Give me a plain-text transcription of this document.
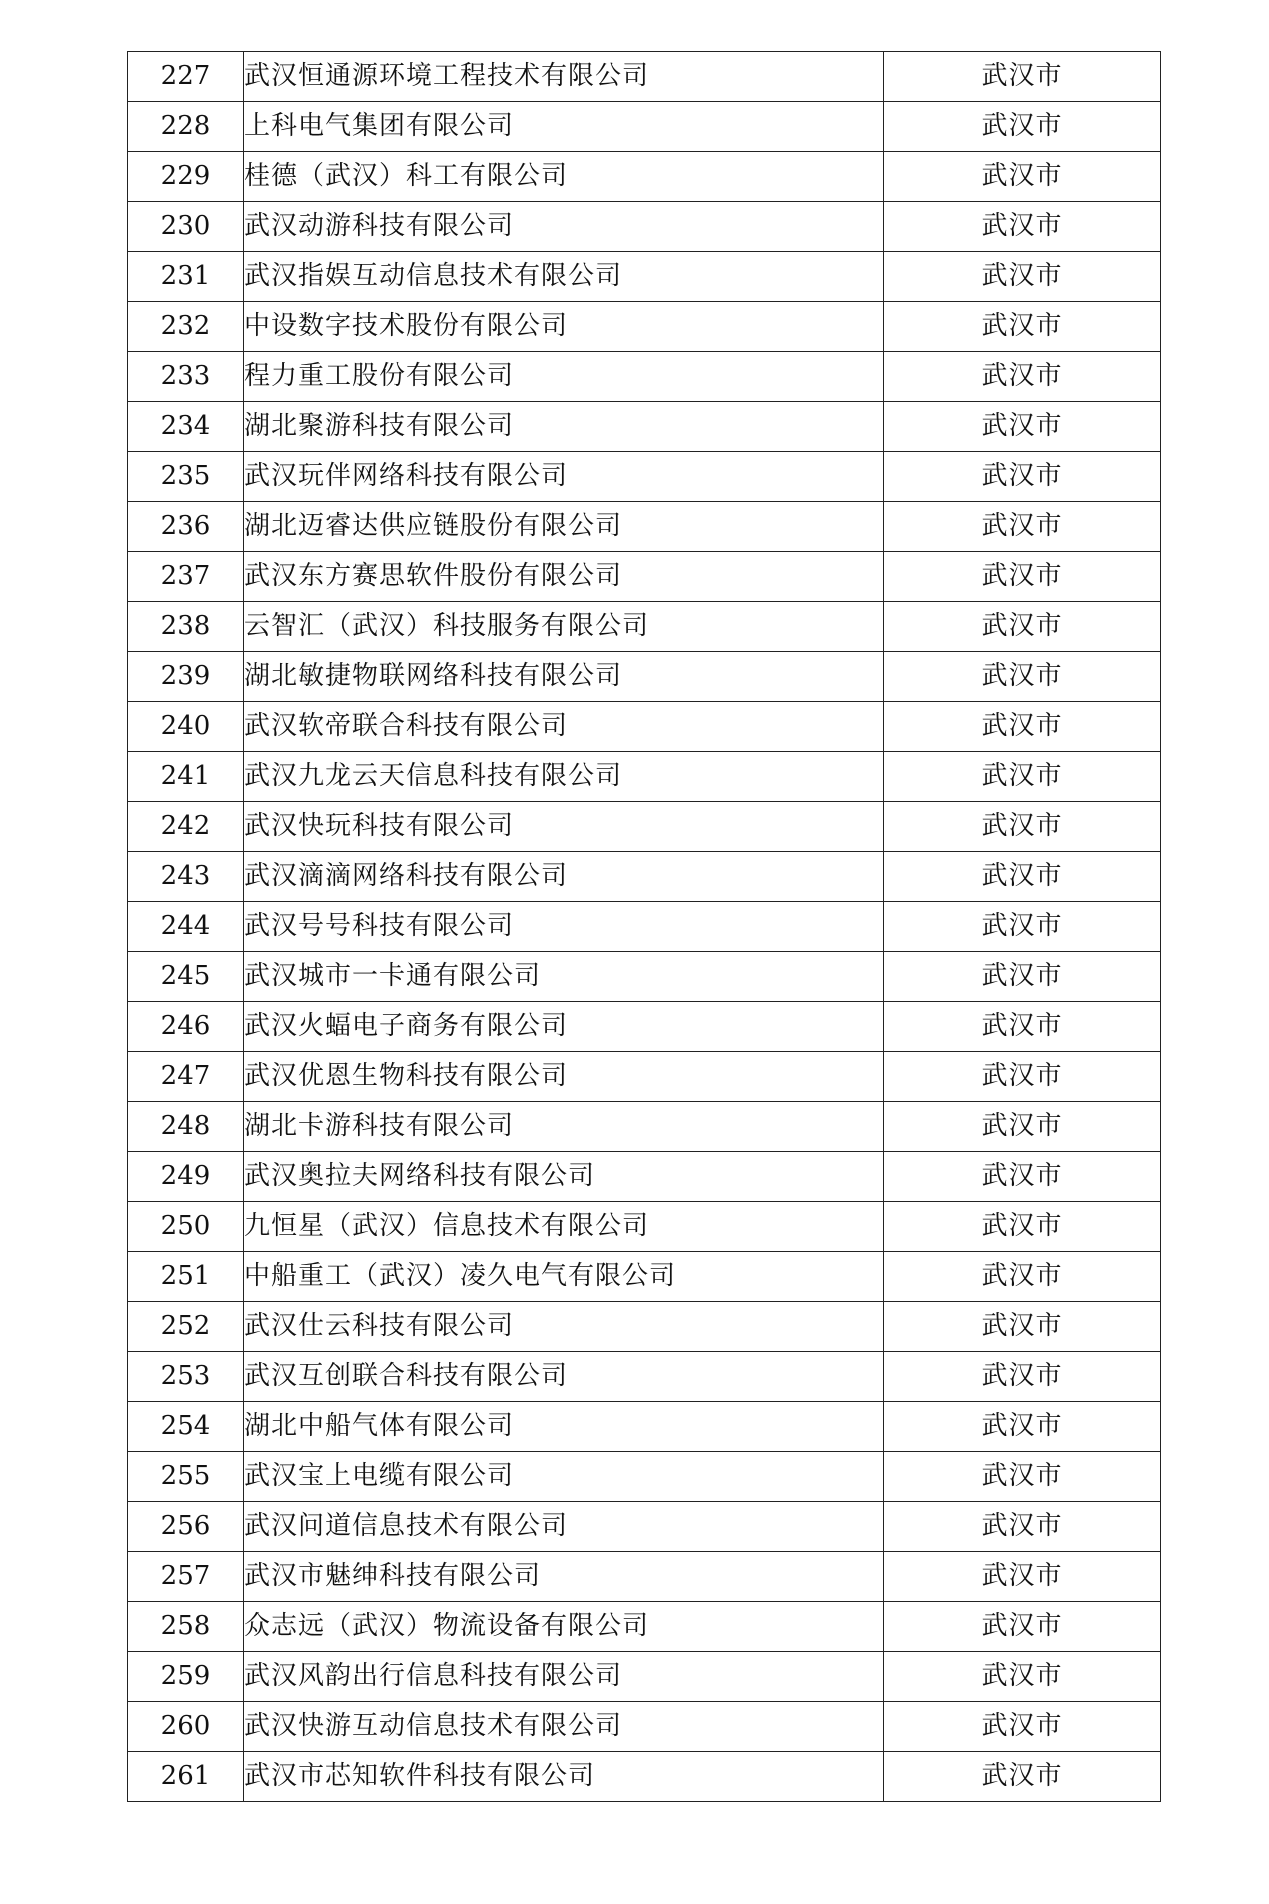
227	武汉恒通源环境工程技术有限公司	武汉市
228	上科电气集团有限公司	武汉市
229	桂德（武汉）科工有限公司	武汉市
230	武汉动游科技有限公司	武汉市
231	武汉指娱互动信息技术有限公司	武汉市
232	中设数字技术股份有限公司	武汉市
233	程力重工股份有限公司	武汉市
234	湖北聚游科技有限公司	武汉市
235	武汉玩伴网络科技有限公司	武汉市
236	湖北迈睿达供应链股份有限公司	武汉市
237	武汉东方赛思软件股份有限公司	武汉市
238	云智汇（武汉）科技服务有限公司	武汉市
239	湖北敏捷物联网络科技有限公司	武汉市
240	武汉软帝联合科技有限公司	武汉市
241	武汉九龙云天信息科技有限公司	武汉市
242	武汉快玩科技有限公司	武汉市
243	武汉滴滴网络科技有限公司	武汉市
244	武汉号号科技有限公司	武汉市
245	武汉城市一卡通有限公司	武汉市
246	武汉火蝠电子商务有限公司	武汉市
247	武汉优恩生物科技有限公司	武汉市
248	湖北卡游科技有限公司	武汉市
249	武汉奥拉夫网络科技有限公司	武汉市
250	九恒星（武汉）信息技术有限公司	武汉市
251	中船重工（武汉）凌久电气有限公司	武汉市
252	武汉仕云科技有限公司	武汉市
253	武汉互创联合科技有限公司	武汉市
254	湖北中船气体有限公司	武汉市
255	武汉宝上电缆有限公司	武汉市
256	武汉问道信息技术有限公司	武汉市
257	武汉市魅绅科技有限公司	武汉市
258	众志远（武汉）物流设备有限公司	武汉市
259	武汉风韵出行信息科技有限公司	武汉市
260	武汉快游互动信息技术有限公司	武汉市
261	武汉市芯知软件科技有限公司	武汉市
